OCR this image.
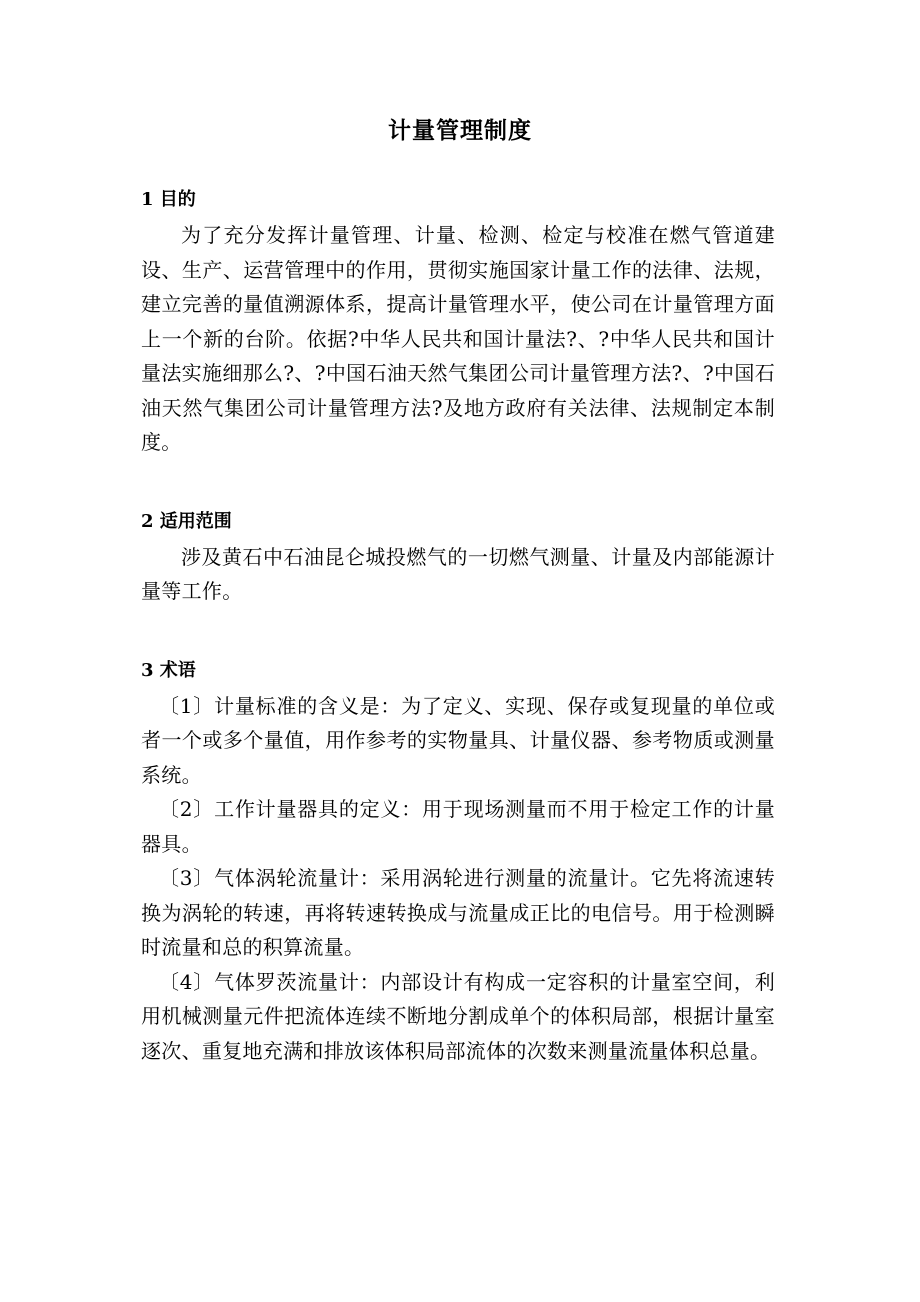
计量管理制度
1 目的

为了充分发挥计量管理、计量、检测、检定与校准在燃气管道建设、生产、运营管理中的作用，贯彻实施国家计量工作的法律、法规，建立完善的量值溯源体系，提高计量管理水平，使公司在计量管理方面上一个新的台阶。依据?中华人民共和国计量法?、?中华人民共和国计量法实施细那么?、?中国石油天然气集团公司计量管理方法?、?中国石油天然气集团公司计量管理方法?及地方政府有关法律、法规制定本制度。

2 适用范围

涉及黄石中石油昆仑城投燃气的一切燃气测量、计量及内部能源计量等工作。

3 术语

〔1〕计量标准的含义是：为了定义、实现、保存或复现量的单位或者一个或多个量值，用作参考的实物量具、计量仪器、参考物质或测量系统。

〔2〕工作计量器具的定义：用于现场测量而不用于检定工作的计量器具。

〔3〕气体涡轮流量计：采用涡轮进行测量的流量计。它先将流速转换为涡轮的转速，再将转速转换成与流量成正比的电信号。用于检测瞬时流量和总的积算流量。

〔4〕气体罗茨流量计：内部设计有构成一定容积的计量室空间，利用机械测量元件把流体连续不断地分割成单个的体积局部，根据计量室逐次、重复地充满和排放该体积局部流体的次数来测量流量体积总量。
